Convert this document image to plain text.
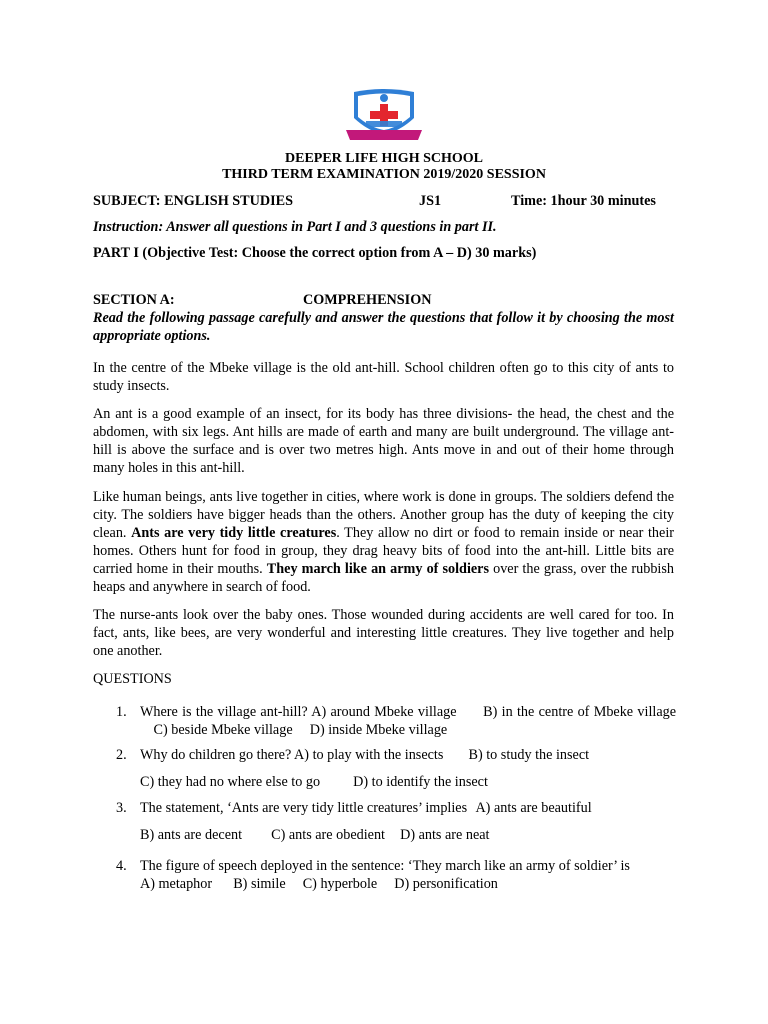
DEEPER LIFE HIGH SCHOOL
THIRD TERM EXAMINATION 2019/2020 SESSION
SUBJECT: ENGLISH STUDIES	JS1	Time: 1hour 30 minutes
Instruction: Answer all questions in Part I and 3 questions in part II.
PART I (Objective Test: Choose the correct option from A – D) 30 marks)
SECTION A:	COMPREHENSION
Read the following passage carefully and answer the questions that follow it by choosing the most appropriate options.
In the centre of the Mbeke village is the old ant-hill. School children often go to this city of ants to study insects.
An ant is a good example of an insect, for its body has three divisions- the head, the chest and the abdomen, with six legs. Ant hills are made of earth and many are built underground. The village ant-hill is above the surface and is over two metres high. Ants move in and out of their home through many holes in this ant-hill.
Like human beings, ants live together in cities, where work is done in groups. The soldiers defend the city. The soldiers have bigger heads than the others. Another group has the duty of keeping the city clean. Ants are very tidy little creatures. They allow no dirt or food to remain inside or near their homes. Others hunt for food in group, they drag heavy bits of food into the ant-hill. Little bits are carried home in their mouths. They march like an army of soldiers over the grass, over the rubbish heaps and anywhere in search of food.
The nurse-ants look over the baby ones. Those wounded during accidents are well cared for too. In fact, ants, like bees, are very wonderful and interesting little creatures. They live together and help one another.
QUESTIONS
1. Where is the village ant-hill? A) around Mbeke village B) in the centre of Mbeke village  C) beside Mbeke village D) inside Mbeke village
2. Why do children go there? A) to play with the insects B) to study the insect
C) they had no where else to go D) to identify the insect
3. The statement, ‘Ants are very tidy little creatures’ implies A) ants are beautiful
B) ants are decent C) ants are obedient D) ants are neat
4. The figure of speech deployed in the sentence: ‘They march like an army of soldier’ is
A) metaphor B) simile C) hyperbole D) personification
